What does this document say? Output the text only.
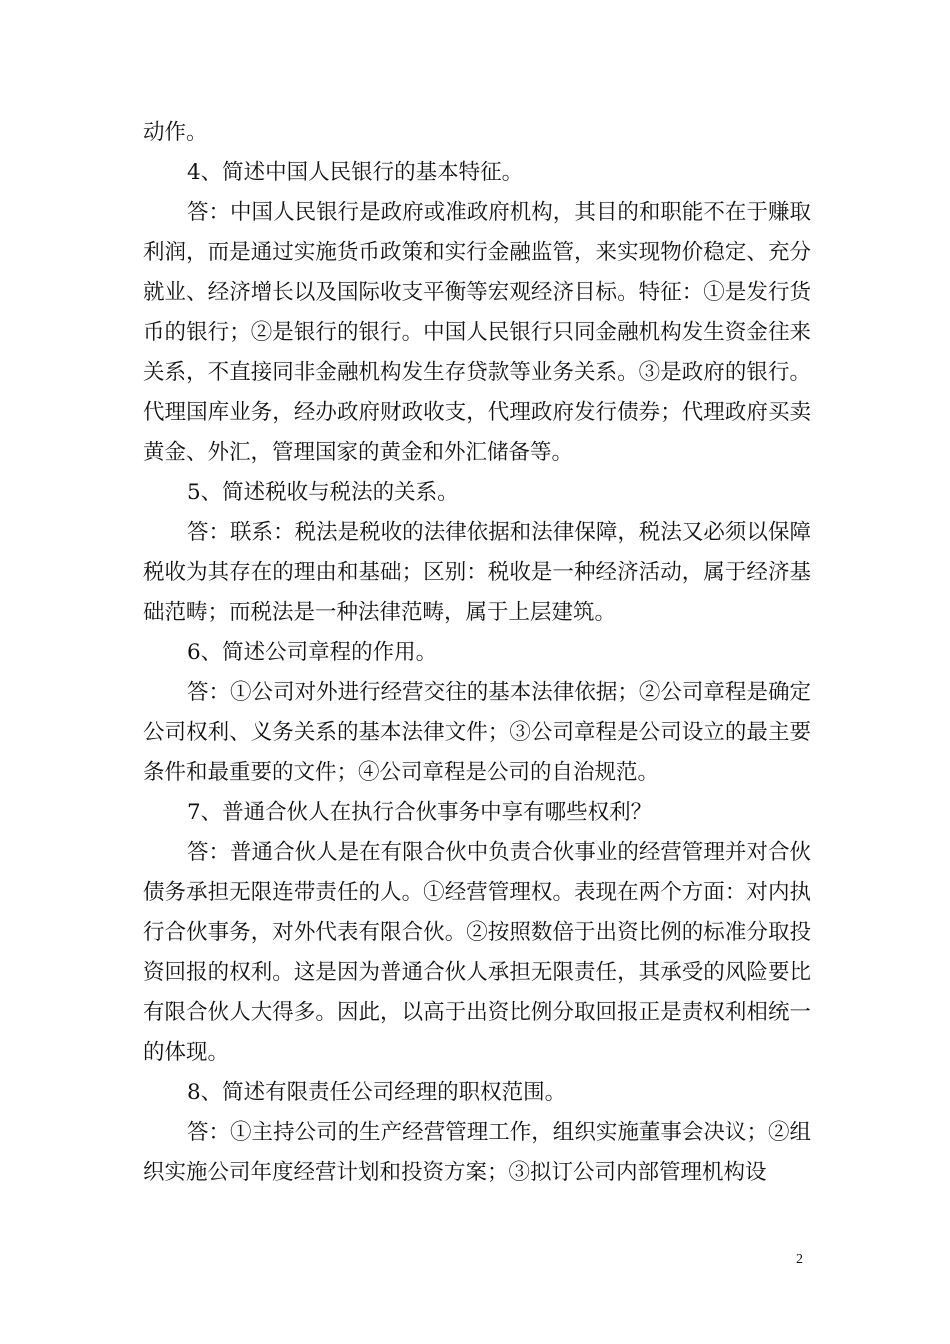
动作。

4、简述中国人民银行的基本特征。

答：中国人民银行是政府或准政府机构，其目的和职能不在于赚取利润，而是通过实施货币政策和实行金融监管，来实现物价稳定、充分就业、经济增长以及国际收支平衡等宏观经济目标。特征：①是发行货币的银行；②是银行的银行。中国人民银行只同金融机构发生资金往来关系，不直接同非金融机构发生存贷款等业务关系。③是政府的银行。代理国库业务，经办政府财政收支，代理政府发行债券；代理政府买卖黄金、外汇，管理国家的黄金和外汇储备等。

5、简述税收与税法的关系。

答：联系：税法是税收的法律依据和法律保障，税法又必须以保障税收为其存在的理由和基础；区别：税收是一种经济活动，属于经济基础范畴；而税法是一种法律范畴，属于上层建筑。

6、简述公司章程的作用。

答：①公司对外进行经营交往的基本法律依据；②公司章程是确定公司权利、义务关系的基本法律文件；③公司章程是公司设立的最主要条件和最重要的文件；④公司章程是公司的自治规范。

7、普通合伙人在执行合伙事务中享有哪些权利？

答：普通合伙人是在有限合伙中负责合伙事业的经营管理并对合伙债务承担无限连带责任的人。①经营管理权。表现在两个方面：对内执行合伙事务，对外代表有限合伙。②按照数倍于出资比例的标准分取投资回报的权利。这是因为普通合伙人承担无限责任，其承受的风险要比有限合伙人大得多。因此，以高于出资比例分取回报正是责权利相统一的体现。

8、简述有限责任公司经理的职权范围。

答：①主持公司的生产经营管理工作，组织实施董事会决议；②组织实施公司年度经营计划和投资方案；③拟订公司内部管理机构设

2
